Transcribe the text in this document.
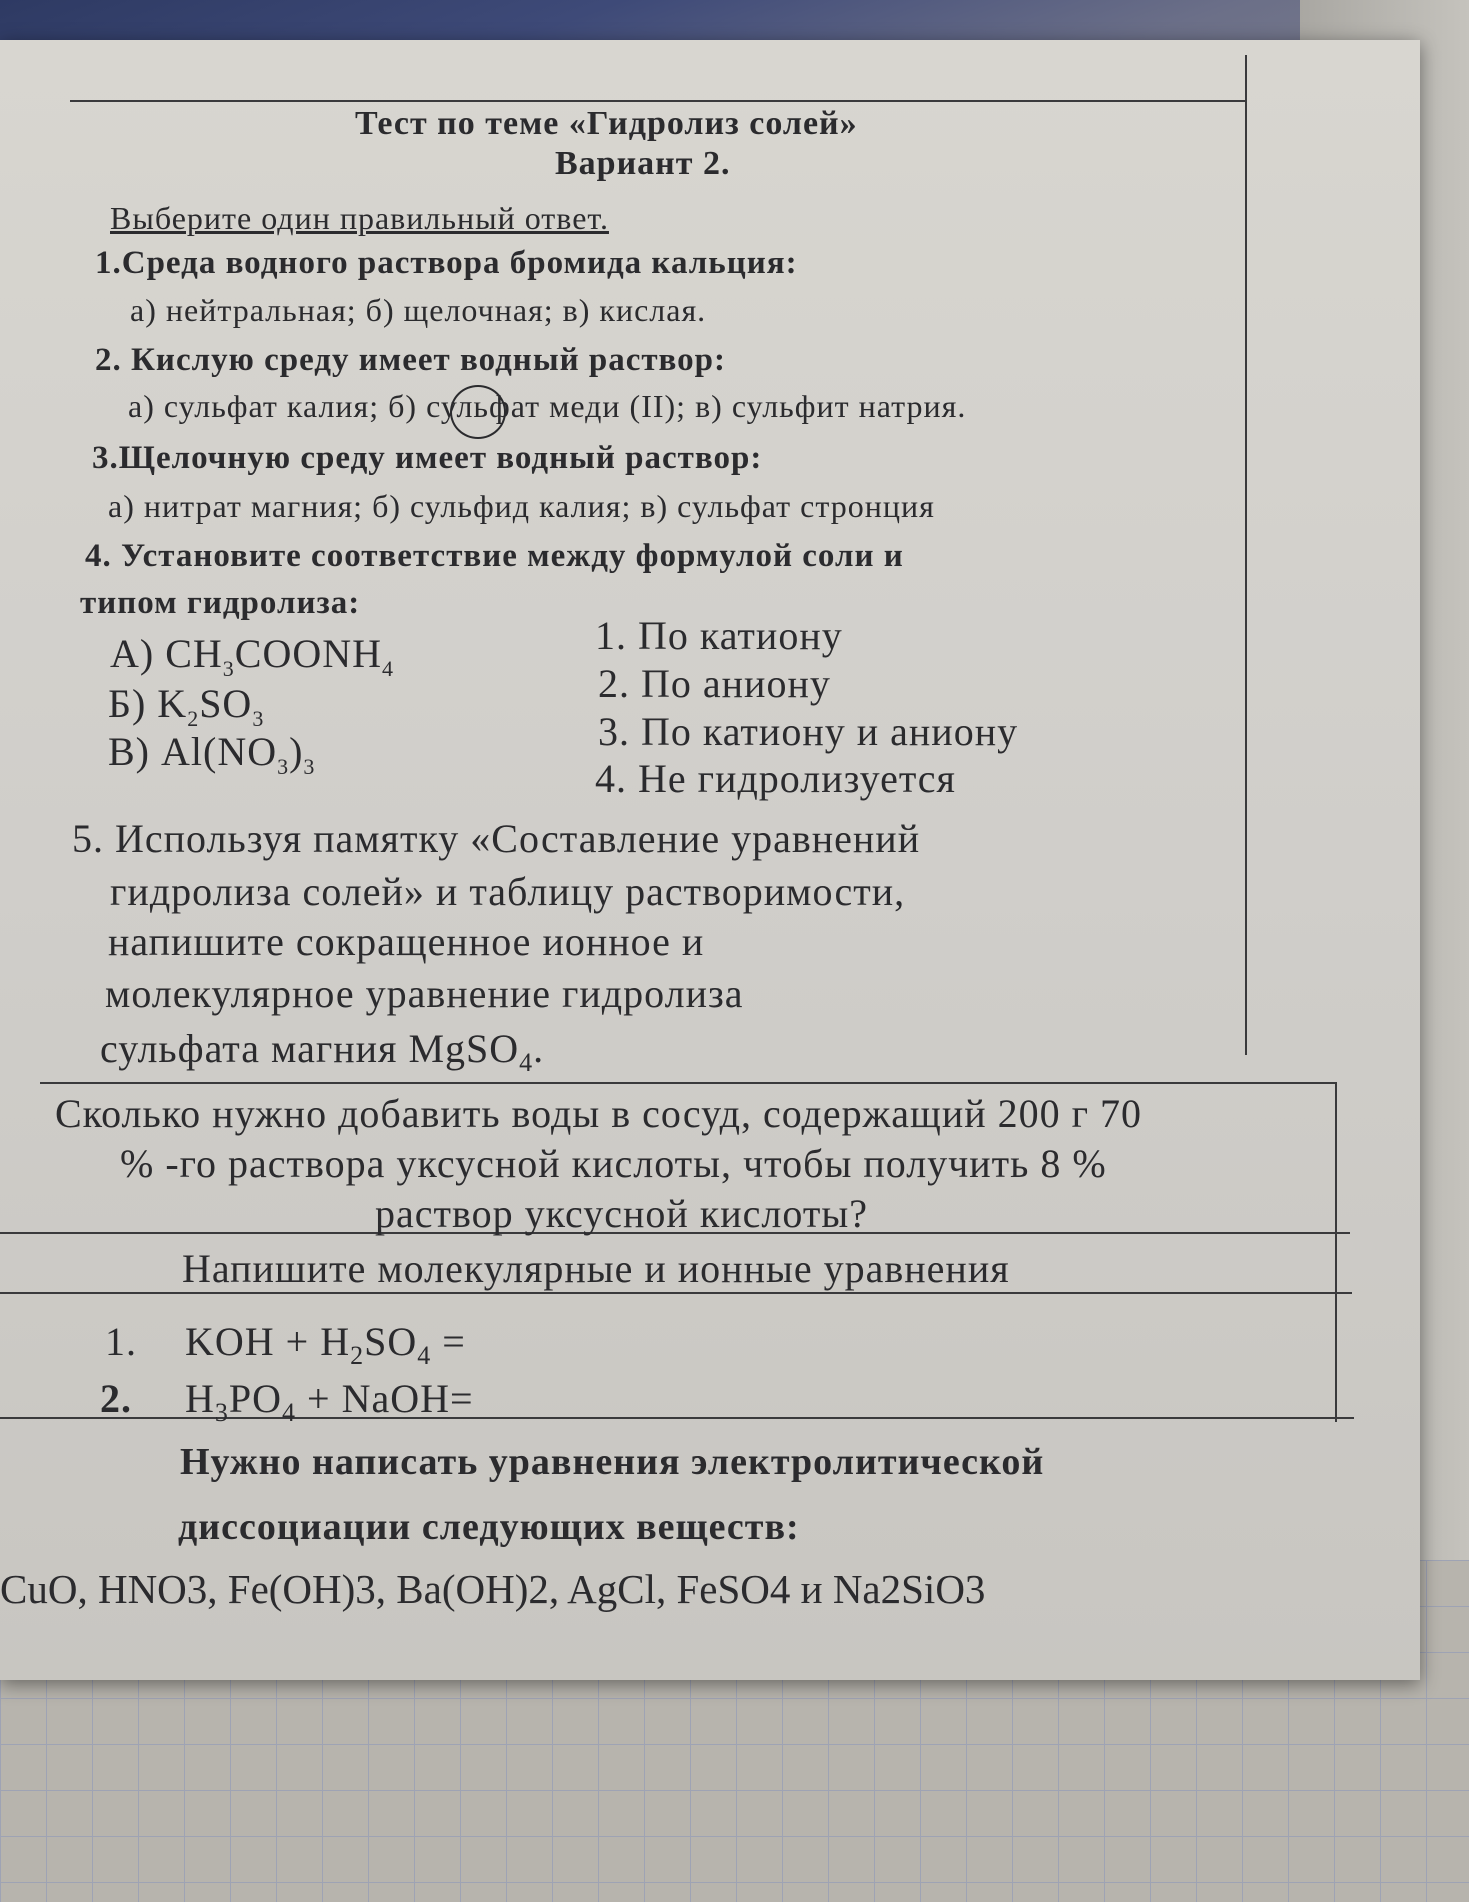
Тест по теме «Гидролиз солей»
Вариант 2.
Выберите один правильный ответ.
1.Среда водного раствора бромида кальция:
а) нейтральная; б) щелочная; в) кислая.
2. Кислую среду имеет водный раствор:
а) сульфат калия; б) сульфат меди (II); в) сульфит натрия.
3.Щелочную среду имеет водный раствор:
а) нитрат магния; б) сульфид калия; в) сульфат стронция
4. Установите соответствие между формулой соли и
типом гидролиза:
А) $CH_3COONH_4$
Б) $K_2SO_3$
В) $Al(NO_3)_3$
1. По катиону
2. По аниону
3. По катиону и аниону
4. Не гидролизуется
5. Используя памятку «Составление уравнений
гидролиза солей» и таблицу растворимости,
напишите сокращенное ионное и
молекулярное уравнение гидролиза
сульфата магния MgSO$_4$.
Сколько нужно добавить воды в сосуд, содержащий 200 г 70
% -го раствора уксусной кислоты, чтобы получить 8 %
раствор уксусной кислоты?
Напишите молекулярные и ионные уравнения
1. KOH + $H_2SO_4$ =
2. $H_3PO_4$ + NaOH=
Нужно написать уравнения электролитической
диссоциации следующих веществ:
CuO, HNO3, Fe(OH)3, Ba(OH)2, AgCl, FeSO4 и Na2SiO3
